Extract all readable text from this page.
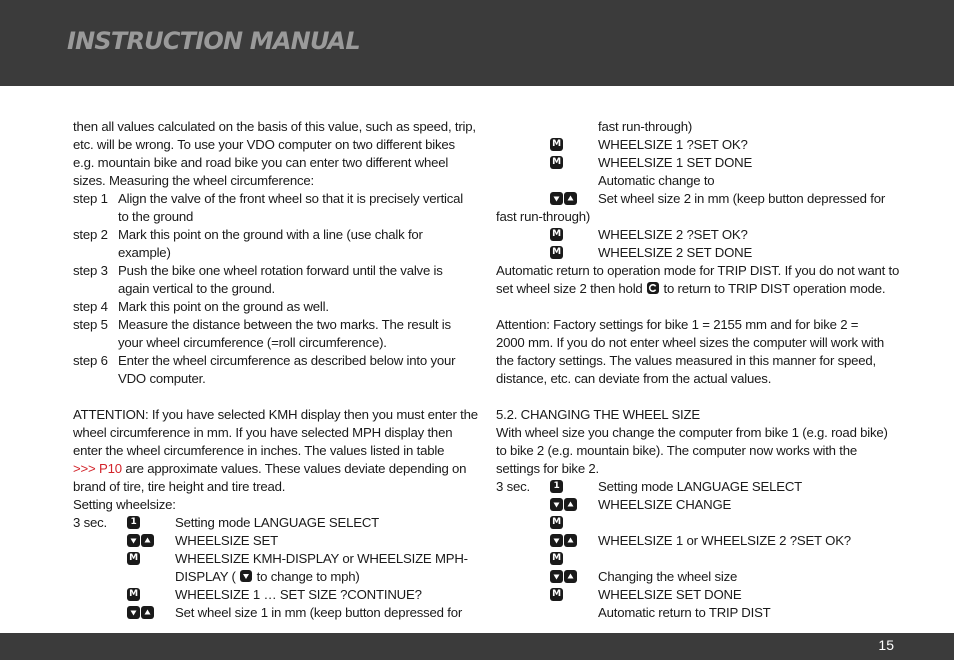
INSTRUCTION MANUAL
then all values calculated on the basis of this value, such as speed, trip,
etc. will be wrong. To use your VDO computer on two different bikes
e.g. mountain bike and road bike you can enter two different wheel
sizes. Measuring the wheel circumference:
step 1 Align the valve of the front wheel so that it is precisely vertical
to the ground
step 2 Mark this point on the ground with a line (use chalk for
example)
step 3 Push the bike one wheel rotation forward until the valve is
again vertical to the ground.
step 4 Mark this point on the ground as well.
step 5 Measure the distance between the two marks. The result is
your wheel circumference (=roll circumference).
step 6 Enter the wheel circumference as described below into your
VDO computer.
ATTENTION: If you have selected KMH display then you must enter the
wheel circumference in mm. If you have selected MPH display then
enter the wheel circumference in inches. The values listed in table
>>> P10 are approximate values. These values deviate depending on
brand of tire, tire height and tire tread.
Setting wheelsize:
3 sec.	1	Setting mode LANGUAGE SELECT
WHEELSIZE SET
M	WHEELSIZE KMH-DISPLAY or WHEELSIZE MPH-
DISPLAY (
to change to mph)
M	WHEELSIZE 1 … SET SIZE ?CONTINUE?
Set wheel size 1 in mm (keep button depressed for
fast run-through)
M	WHEELSIZE 1 ?SET OK?
M	WHEELSIZE 1 SET DONE
Automatic change to
Set wheel size 2 in mm (keep button depressed for
fast run-through)
M	WHEELSIZE 2 ?SET OK?
M	WHEELSIZE 2 SET DONE
Automatic return to operation mode for TRIP DIST. If you do not want to
set wheel size 2 then hold
to return to TRIP DIST operation mode.
Attention: Factory settings for bike 1 = 2155 mm and for bike 2 =
2000 mm. If you do not enter wheel sizes the computer will work with
the factory settings. The values measured in this manner for speed,
distance, etc. can deviate from the actual values.
5.2. CHANGING THE WHEEL SIZE
With wheel size you change the computer from bike 1 (e.g. road bike)
to bike 2 (e.g. mountain bike). The computer now works with the
settings for bike 2.
3 sec.	1	Setting mode LANGUAGE SELECT
WHEELSIZE CHANGE
M
WHEELSIZE 1 or WHEELSIZE 2 ?SET OK?
M
Changing the wheel size
M	WHEELSIZE SET DONE
Automatic return to TRIP DIST
15
